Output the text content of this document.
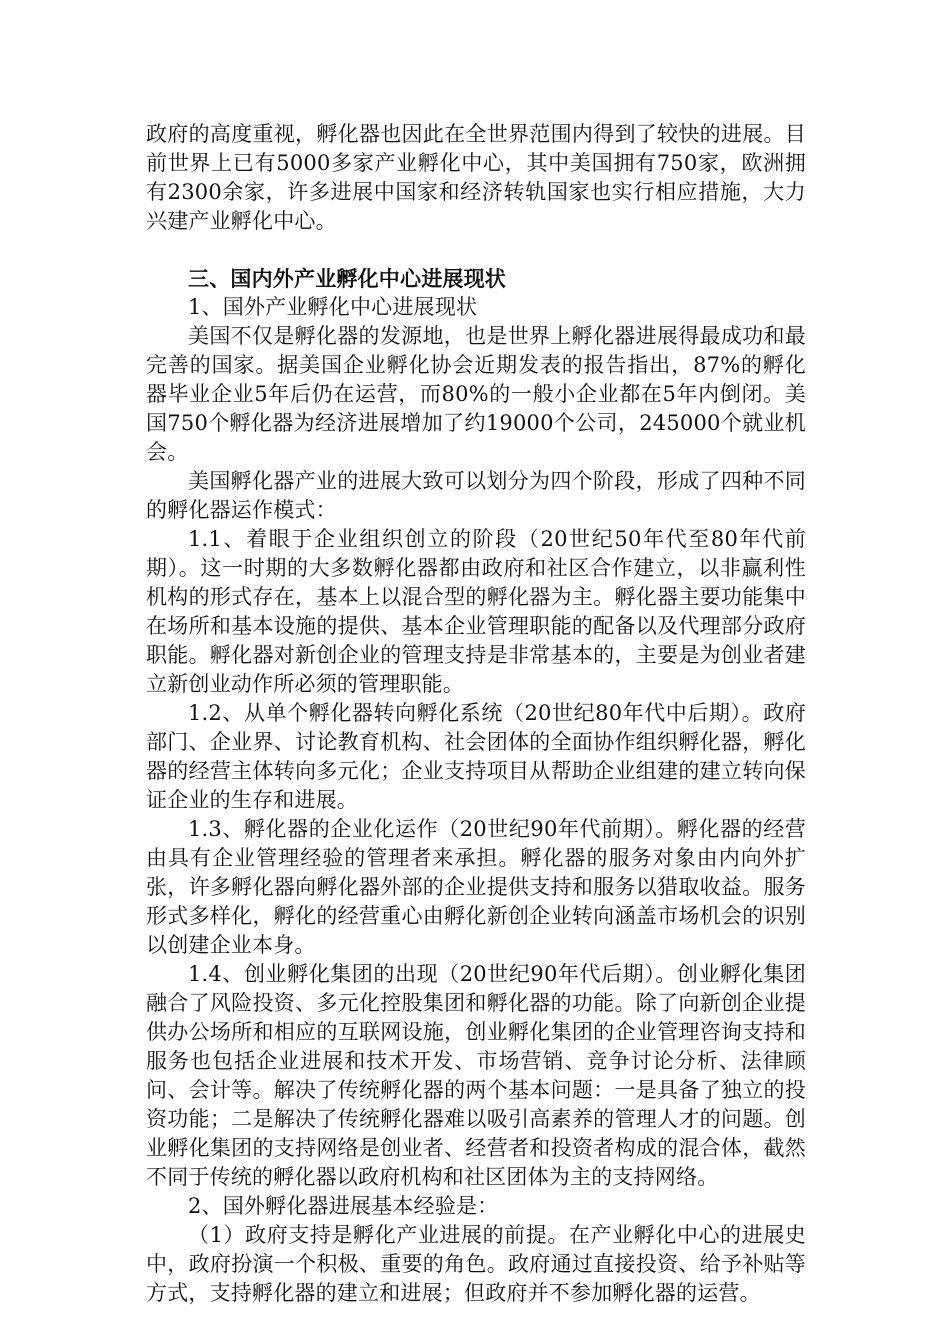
政府的高度重视，孵化器也因此在全世界范围内得到了较快的进展。目前世界上已有5000多家产业孵化中心，其中美国拥有750家，欧洲拥有2300余家，许多进展中国家和经济转轨国家也实行相应措施，大力兴建产业孵化中心。

三、国内外产业孵化中心进展现状

1、国外产业孵化中心进展现状

美国不仅是孵化器的发源地，也是世界上孵化器进展得最成功和最完善的国家。据美国企业孵化协会近期发表的报告指出，87%的孵化器毕业企业5年后仍在运营，而80%的一般小企业都在5年内倒闭。美国750个孵化器为经济进展增加了约19000个公司，245000个就业机会。

美国孵化器产业的进展大致可以划分为四个阶段，形成了四种不同的孵化器运作模式：

1.1、着眼于企业组织创立的阶段（20世纪50年代至80年代前期）。这一时期的大多数孵化器都由政府和社区合作建立，以非赢利性机构的形式存在，基本上以混合型的孵化器为主。孵化器主要功能集中在场所和基本设施的提供、基本企业管理职能的配备以及代理部分政府职能。孵化器对新创企业的管理支持是非常基本的，主要是为创业者建立新创业动作所必须的管理职能。

1.2、从单个孵化器转向孵化系统（20世纪80年代中后期）。政府部门、企业界、讨论教育机构、社会团体的全面协作组织孵化器，孵化器的经营主体转向多元化；企业支持项目从帮助企业组建的建立转向保证企业的生存和进展。

1.3、孵化器的企业化运作（20世纪90年代前期）。孵化器的经营由具有企业管理经验的管理者来承担。孵化器的服务对象由内向外扩张，许多孵化器向孵化器外部的企业提供支持和服务以猎取收益。服务形式多样化，孵化的经营重心由孵化新创企业转向涵盖市场机会的识别以创建企业本身。

1.4、创业孵化集团的出现（20世纪90年代后期）。创业孵化集团融合了风险投资、多元化控股集团和孵化器的功能。除了向新创企业提供办公场所和相应的互联网设施，创业孵化集团的企业管理咨询支持和服务也包括企业进展和技术开发、市场营销、竞争讨论分析、法律顾问、会计等。解决了传统孵化器的两个基本问题：一是具备了独立的投资功能；二是解决了传统孵化器难以吸引高素养的管理人才的问题。创业孵化集团的支持网络是创业者、经营者和投资者构成的混合体，截然不同于传统的孵化器以政府机构和社区团体为主的支持网络。

2、国外孵化器进展基本经验是：

（1）政府支持是孵化产业进展的前提。在产业孵化中心的进展史中，政府扮演一个积极、重要的角色。政府通过直接投资、给予补贴等方式，支持孵化器的建立和进展；但政府并不参加孵化器的运营。
